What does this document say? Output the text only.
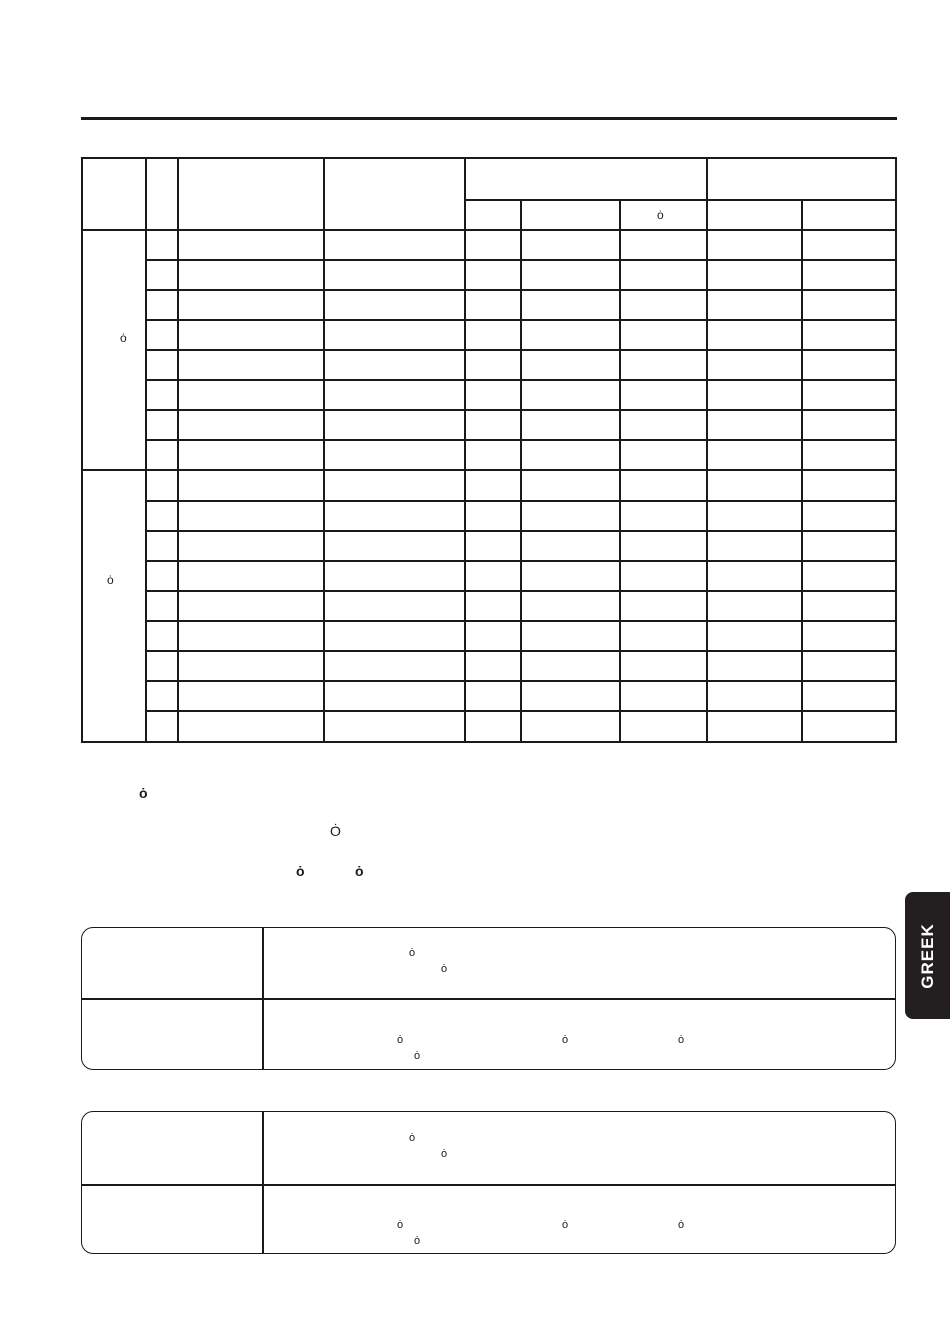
ȯ
ȯ
ȯ
ȯ
Ȯ
ȯ	ȯ
ȯ
ȯ
ȯ	ȯ	ȯ
ȯ
ȯ
ȯ
ȯ	ȯ	ȯ
ȯ
GREEK
